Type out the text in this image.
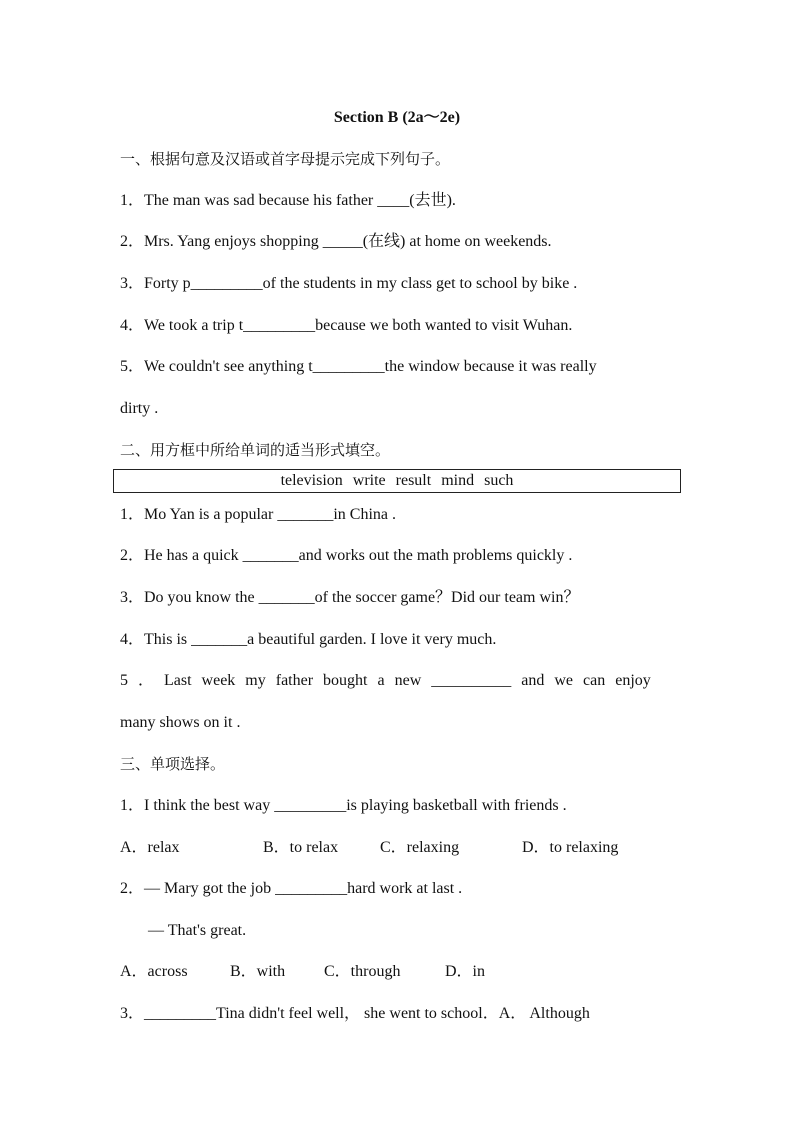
Section B (2a～2e)
一、根据句意及汉语或首字母提示完成下列句子。
1．The man was sad because his father ____(去世).
2．Mrs. Yang enjoys shopping _____(在线) at home on weekends.
3．Forty p_________of the students in my class get to school by bike .
4．We took a trip t_________because we both wanted to visit Wuhan.
5．We couldn't see anything t_________the window because it was really
dirty .
二、用方框中所给单词的适当形式填空。
television write result mind such
1．Mo Yan is a popular _______in China .
2．He has a quick _______and works out the math problems quickly .
3．Do you know the _______of the soccer game？Did our team win？
4．This is _______a beautiful garden. I love it very much.
5 ． Last week my father bought a new __________ and we can enjoy
many shows on it .
三、单项选择。
1．I think the best way _________is playing basketball with friends .
A．relax	B．to relax	C．relaxing	D．to relaxing
2．— Mary got the job _________hard work at last .
— That's great.
A．across	B．with C．through	D．in
3．_________Tina didn't feel well， she went to school．A． Although
